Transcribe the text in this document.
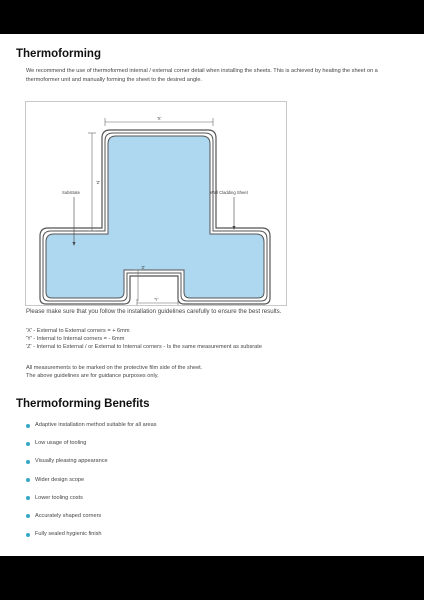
Thermoforming

We recommend the use of thermoformed internal / external corner detail when installing the sheets. This is achieved by heating the sheet on a thermoformer unit and manually forming the sheet to the desired angle.

'X'
'Z'
'Z'
'Y'
Substrate	Wall Cladding Sheet

Please make sure that you follow the installation guidelines carefully to ensure the best results.

'X' - External to External corners = + 6mm
'Y' - Internal to Internal corners = - 6mm
'Z' - Internal to External / or External to Internal corners - Is the same measurement as subsrate
All measurements to be marked on the protective film side of the sheet.
The above guidelines are for guidance purposes only.
Thermoforming Benefits
Adaptive installation method suitable for all areas
Low usage of tooling
Visually pleasing appearance
Wider design scope
Lower tooling costs
Accurately shaped corners
Fully sealed hygienic finish
